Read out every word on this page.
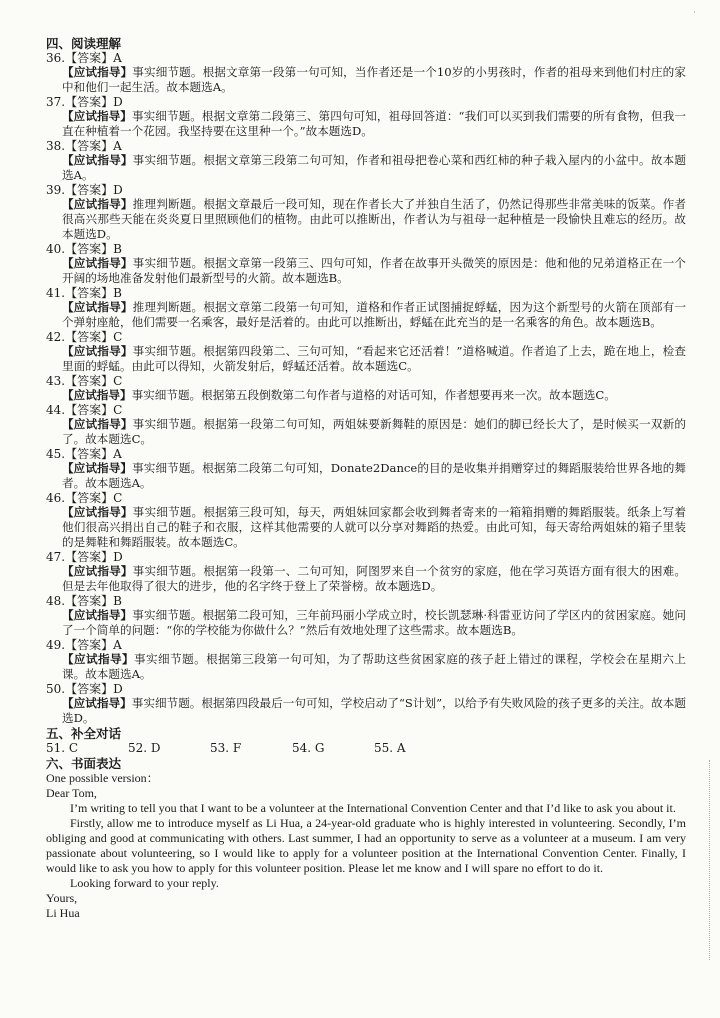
·
四、阅读理解
36.【答案】A
【应试指导】事实细节题。根据文章第一段第一句可知，当作者还是一个10岁的小男孩时，作者的祖母来到他们村庄的家中和他们一起生活。故本题选A。
37.【答案】D
【应试指导】事实细节题。根据文章第二段第三、第四句可知，祖母回答道：“我们可以买到我们需要的所有食物，但我一直在种植着一个花园。我坚持要在这里种一个。”故本题选D。
38.【答案】A
【应试指导】事实细节题。根据文章第三段第二句可知，作者和祖母把卷心菜和西红柿的种子栽入屋内的小盆中。故本题选A。
39.【答案】D
【应试指导】推理判断题。根据文章最后一段可知，现在作者长大了并独自生活了，仍然记得那些非常美味的饭菜。作者很高兴那些天能在炎炎夏日里照顾他们的植物。由此可以推断出，作者认为与祖母一起种植是一段愉快且难忘的经历。故本题选D。
40.【答案】B
【应试指导】事实细节题。根据文章第一段第三、四句可知，作者在故事开头微笑的原因是：他和他的兄弟道格正在一个开阔的场地准备发射他们最新型号的火箭。故本题选B。
41.【答案】B
【应试指导】推理判断题。根据文章第二段第一句可知，道格和作者正试图捕捉蜉蜢，因为这个新型号的火箭在顶部有一个弹射座舱，他们需要一名乘客，最好是活着的。由此可以推断出，蜉蜢在此充当的是一名乘客的角色。故本题选B。
42.【答案】C
【应试指导】事实细节题。根据第四段第二、三句可知，“看起来它还活着！”道格喊道。作者追了上去，跪在地上，检查里面的蜉蜢。由此可以得知，火箭发射后，蜉蜢还活着。故本题选C。
43.【答案】C
【应试指导】事实细节题。根据第五段倒数第二句作者与道格的对话可知，作者想要再来一次。故本题选C。
44.【答案】C
【应试指导】事实细节题。根据第一段第二句可知，两姐妹要新舞鞋的原因是：她们的脚已经长大了，是时候买一双新的了。故本题选C。
45.【答案】A
【应试指导】事实细节题。根据第二段第二句可知，Donate2Dance的目的是收集并捐赠穿过的舞蹈服装给世界各地的舞者。故本题选A。
46.【答案】C
【应试指导】事实细节题。根据第三段可知，每天，两姐妹回家都会收到舞者寄来的一箱箱捐赠的舞蹈服装。纸条上写着他们很高兴捐出自己的鞋子和衣服，这样其他需要的人就可以分享对舞蹈的热爱。由此可知，每天寄给两姐妹的箱子里装的是舞鞋和舞蹈服装。故本题选C。
47.【答案】D
【应试指导】事实细节题。根据第一段第一、二句可知，阿图罗来自一个贫穷的家庭，他在学习英语方面有很大的困难。但是去年他取得了很大的进步，他的名字终于登上了荣誉榜。故本题选D。
48.【答案】B
【应试指导】事实细节题。根据第二段可知，三年前玛丽小学成立时，校长凯瑟琳·科雷亚访问了学区内的贫困家庭。她问了一个简单的问题：“你的学校能为你做什么？”然后有效地处理了这些需求。故本题选B。
49.【答案】A
【应试指导】事实细节题。根据第三段第一句可知，为了帮助这些贫困家庭的孩子赶上错过的课程，学校会在星期六上课。故本题选A。
50.【答案】D
【应试指导】事实细节题。根据第四段最后一句可知，学校启动了“S计划”，以给予有失败风险的孩子更多的关注。故本题选D。
五、补全对话
51. C	52. D	53. F	54. G	55. A
六、书面表达

One possible version：

Dear Tom,

I’m writing to tell you that I want to be a volunteer at the International Convention Center and that I’d like to ask you about it.

Firstly, allow me to introduce myself as Li Hua, a 24-year-old graduate who is highly interested in volunteering. Secondly, I’m obliging and good at communicating with others. Last summer, I had an opportunity to serve as a volunteer at a museum. I am very passionate about volunteering, so I would like to apply for a volunteer position at the International Convention Center. Finally, I would like to ask you how to apply for this volunteer position. Please let me know and I will spare no effort to do it.

Looking forward to your reply.

Yours,

Li Hua
